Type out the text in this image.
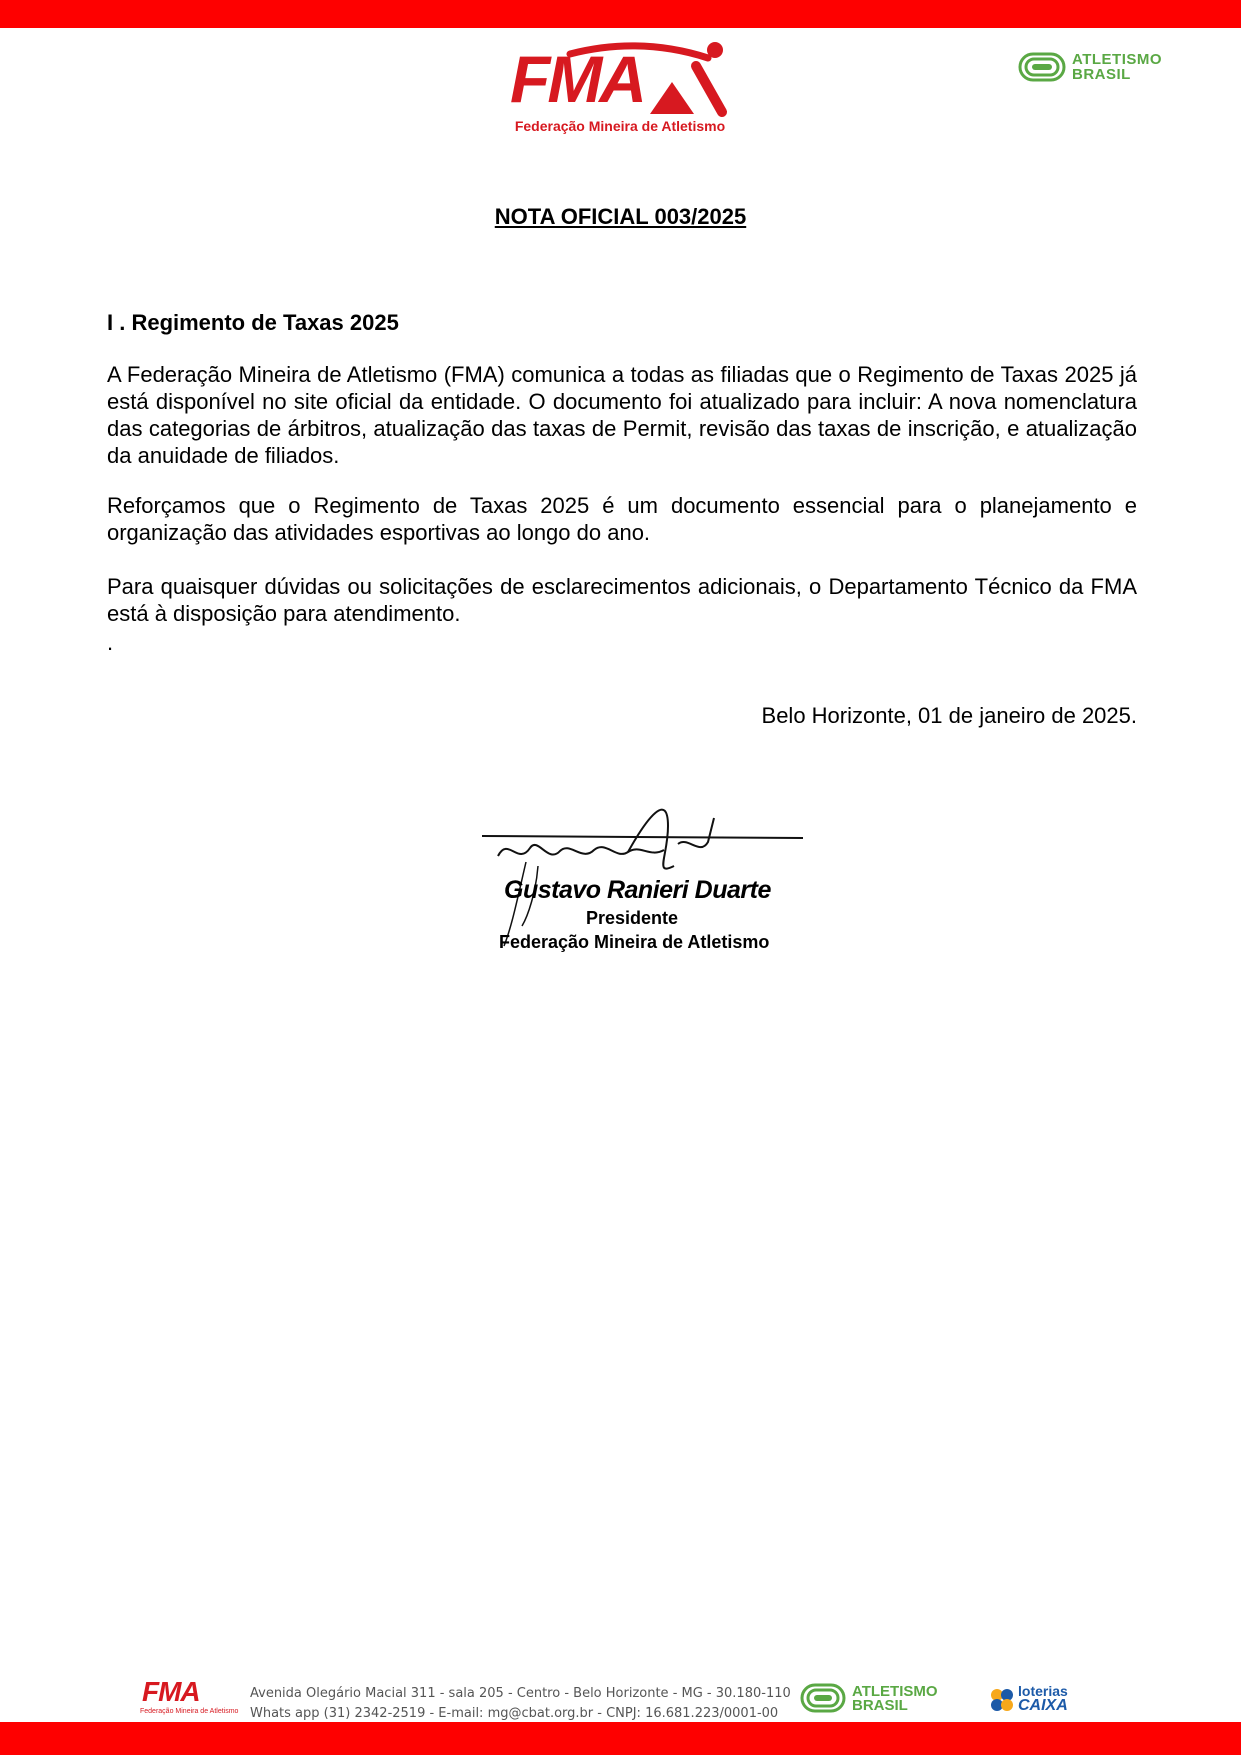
FMA
Federação Mineira de Atletismo
ATLETISMO
BRASIL
NOTA OFICIAL 003/2025
I . Regimento de Taxas 2025

A Federação Mineira de Atletismo (FMA) comunica a todas as filiadas que o Regimento de Taxas 2025 já está disponível no site oficial da entidade. O documento foi atualizado para incluir: A nova nomenclatura das categorias de árbitros, atualização das taxas de Permit, revisão das taxas de inscrição, e atualização da anuidade de filiados.

Reforçamos que o Regimento de Taxas 2025 é um documento essencial para o planejamento e organização das atividades esportivas ao longo do ano.

Para quaisquer dúvidas ou solicitações de esclarecimentos adicionais, o Departamento Técnico da FMA está à disposição para atendimento.

.
Belo Horizonte, 01 de janeiro de 2025.
Gustavo Ranieri Duarte
Presidente
Federação Mineira de Atletismo
FMA
Federação Mineira de Atletismo
Avenida Olegário Macial 311 - sala 205 - Centro - Belo Horizonte - MG - 30.180-110
Whats app (31) 2342-2519 - E-mail: mg@cbat.org.br - CNPJ: 16.681.223/0001-00
ATLETISMO
BRASIL
loterias
CAIXA
